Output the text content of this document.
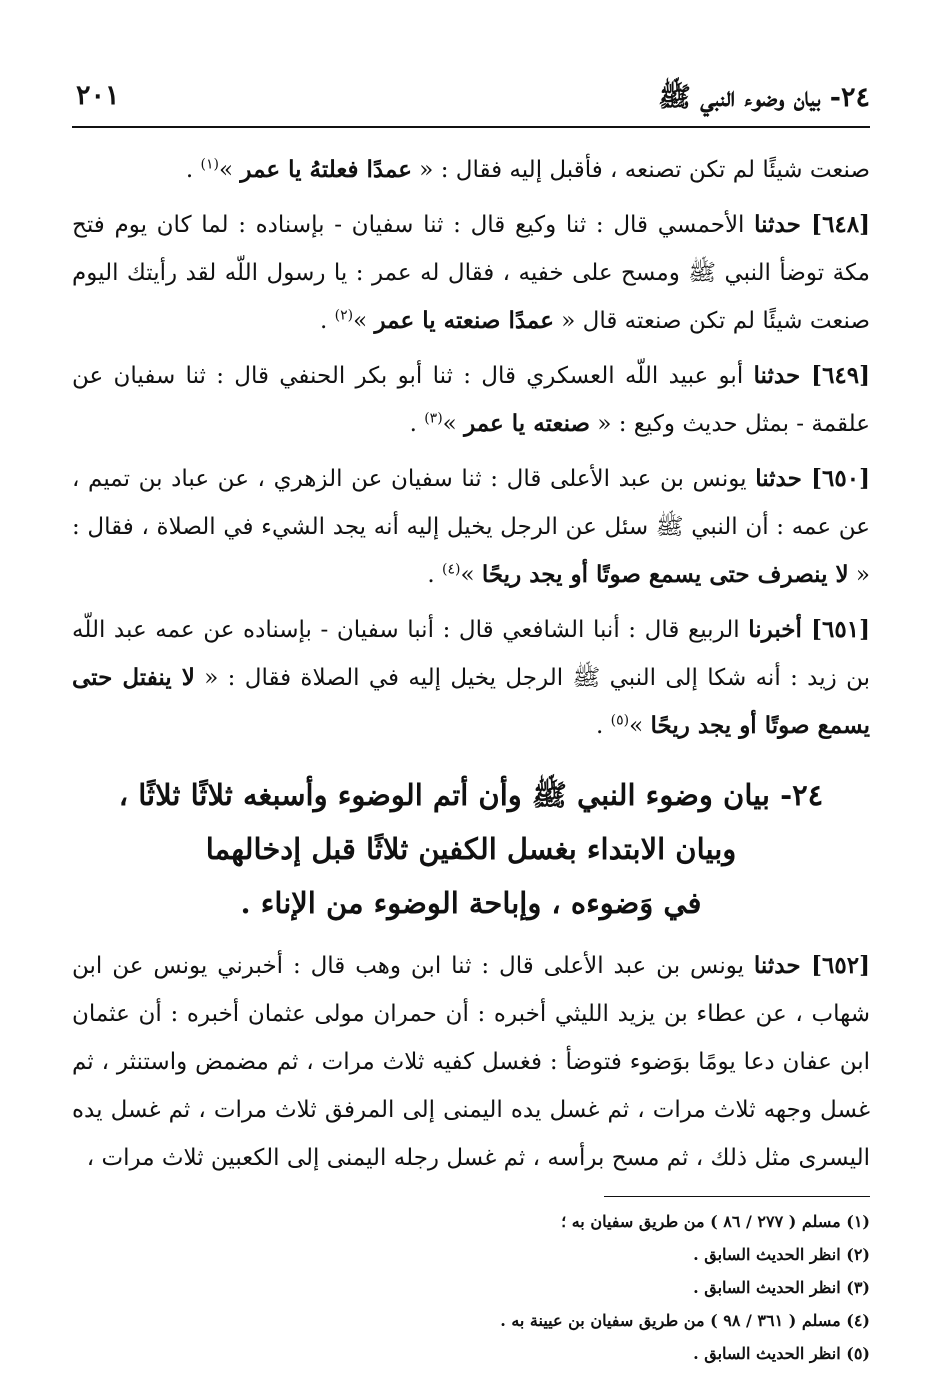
٢٤- بيان وضوء النبي ﷺ
٢٠١

صنعت شيئًا لم تكن تصنعه ، فأقبل إليه فقال : « عمدًا فعلتهُ يا عمر »$^{(١)}$ .

[٦٤٨] حدثنا الأحمسي قال : ثنا وكيع قال : ثنا سفيان - بإسناده : لما كان يوم فتح مكة توضأ النبي ﷺ ومسح على خفيه ، فقال له عمر : يا رسول اللّه لقد رأيتك اليوم صنعت شيئًا لم تكن صنعته قال « عمدًا صنعته يا عمر »$^{(٢)}$ .

[٦٤٩] حدثنا أبو عبيد اللّه العسكري قال : ثنا أبو بكر الحنفي قال : ثنا سفيان عن علقمة - بمثل حديث وكيع : « صنعته يا عمر »$^{(٣)}$ .

[٦٥٠] حدثنا يونس بن عبد الأعلى قال : ثنا سفيان عن الزهري ، عن عباد بن تميم ، عن عمه : أن النبي ﷺ سئل عن الرجل يخيل إليه أنه يجد الشيء في الصلاة ، فقال : « لا ينصرف حتى يسمع صوتًا أو يجد ريحًا »$^{(٤)}$ .

[٦٥١] أخبرنا الربيع قال : أنبا الشافعي قال : أنبا سفيان - بإسناده عن عمه عبد اللّه بن زيد : أنه شكا إلى النبي ﷺ الرجل يخيل إليه في الصلاة فقال : « لا ينفتل حتى يسمع صوتًا أو يجد ريحًا »$^{(٥)}$ .

٢٤- بيان وضوء النبي ﷺ وأن أتم الوضوء وأسبغه ثلاثًا ثلاثًا ،
وبيان الابتداء بغسل الكفين ثلاثًا قبل إدخالهما
في وَضوءه ، وإباحة الوضوء من الإناء .

[٦٥٢] حدثنا يونس بن عبد الأعلى قال : ثنا ابن وهب قال : أخبرني يونس عن ابن شهاب ، عن عطاء بن يزيد الليثي أخبره : أن حمران مولى عثمان أخبره : أن عثمان ابن عفان دعا يومًا بوَضوء فتوضأ : فغسل كفيه ثلاث مرات ، ثم مضمض واستنثر ، ثم غسل وجهه ثلاث مرات ، ثم غسل يده اليمنى إلى المرفق ثلاث مرات ، ثم غسل يده اليسرى مثل ذلك ، ثم مسح برأسه ، ثم غسل رجله اليمنى إلى الكعبين ثلاث مرات ،

(١) مسلم ( ٢٧٧ / ٨٦ ) من طريق سفيان به ؛
(٢) انظر الحديث السابق .
(٣) انظر الحديث السابق .
(٤) مسلم ( ٣٦١ / ٩٨ ) من طريق سفيان بن عيينة به .
(٥) انظر الحديث السابق .
